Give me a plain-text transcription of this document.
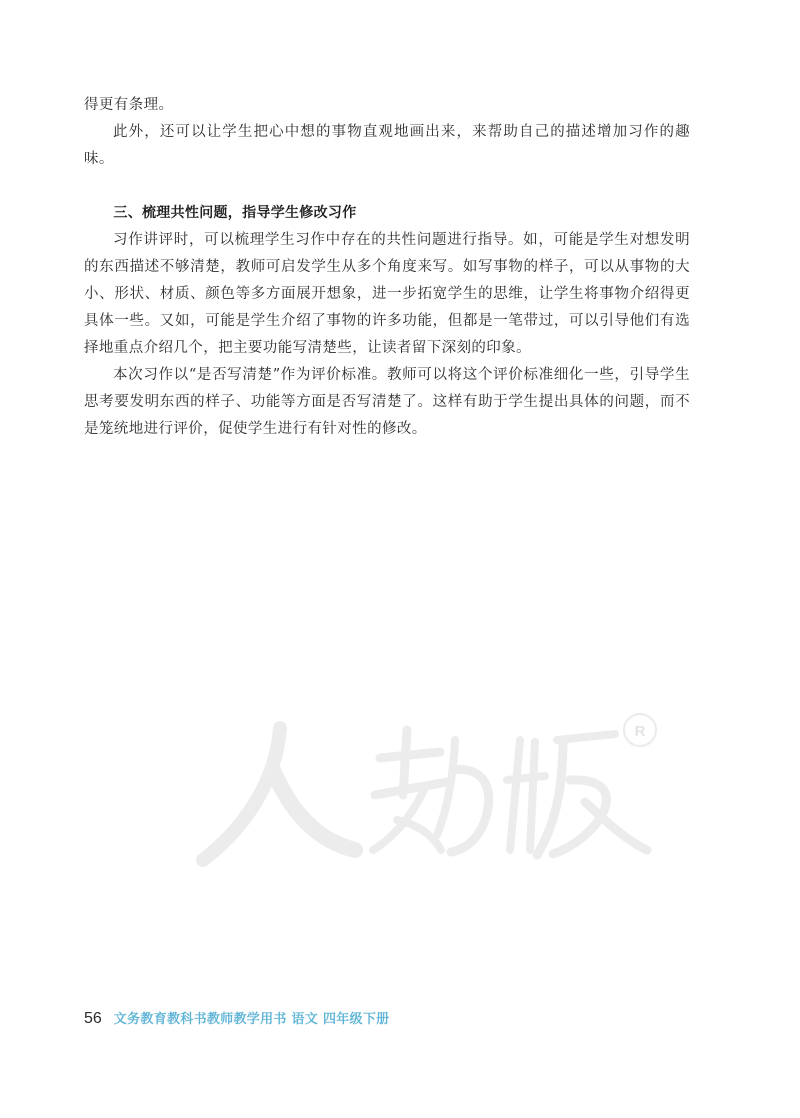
得更有条理。

此外，还可以让学生把心中想的事物直观地画出来，来帮助自己的描述增加习作的趣味。

三、梳理共性问题，指导学生修改习作

习作讲评时，可以梳理学生习作中存在的共性问题进行指导。如，可能是学生对想发明的东西描述不够清楚，教师可启发学生从多个角度来写。如写事物的样子，可以从事物的大小、形状、材质、颜色等多方面展开想象，进一步拓宽学生的思维，让学生将事物介绍得更具体一些。又如，可能是学生介绍了事物的许多功能，但都是一笔带过，可以引导他们有选择地重点介绍几个，把主要功能写清楚些，让读者留下深刻的印象。

本次习作以“是否写清楚”作为评价标准。教师可以将这个评价标准细化一些，引导学生思考要发明东西的样子、功能等方面是否写清楚了。这样有助于学生提出具体的问题，而不是笼统地进行评价，促使学生进行有针对性的修改。

R
56 文务教育教科书教师教学用书 语文 四年级下册
